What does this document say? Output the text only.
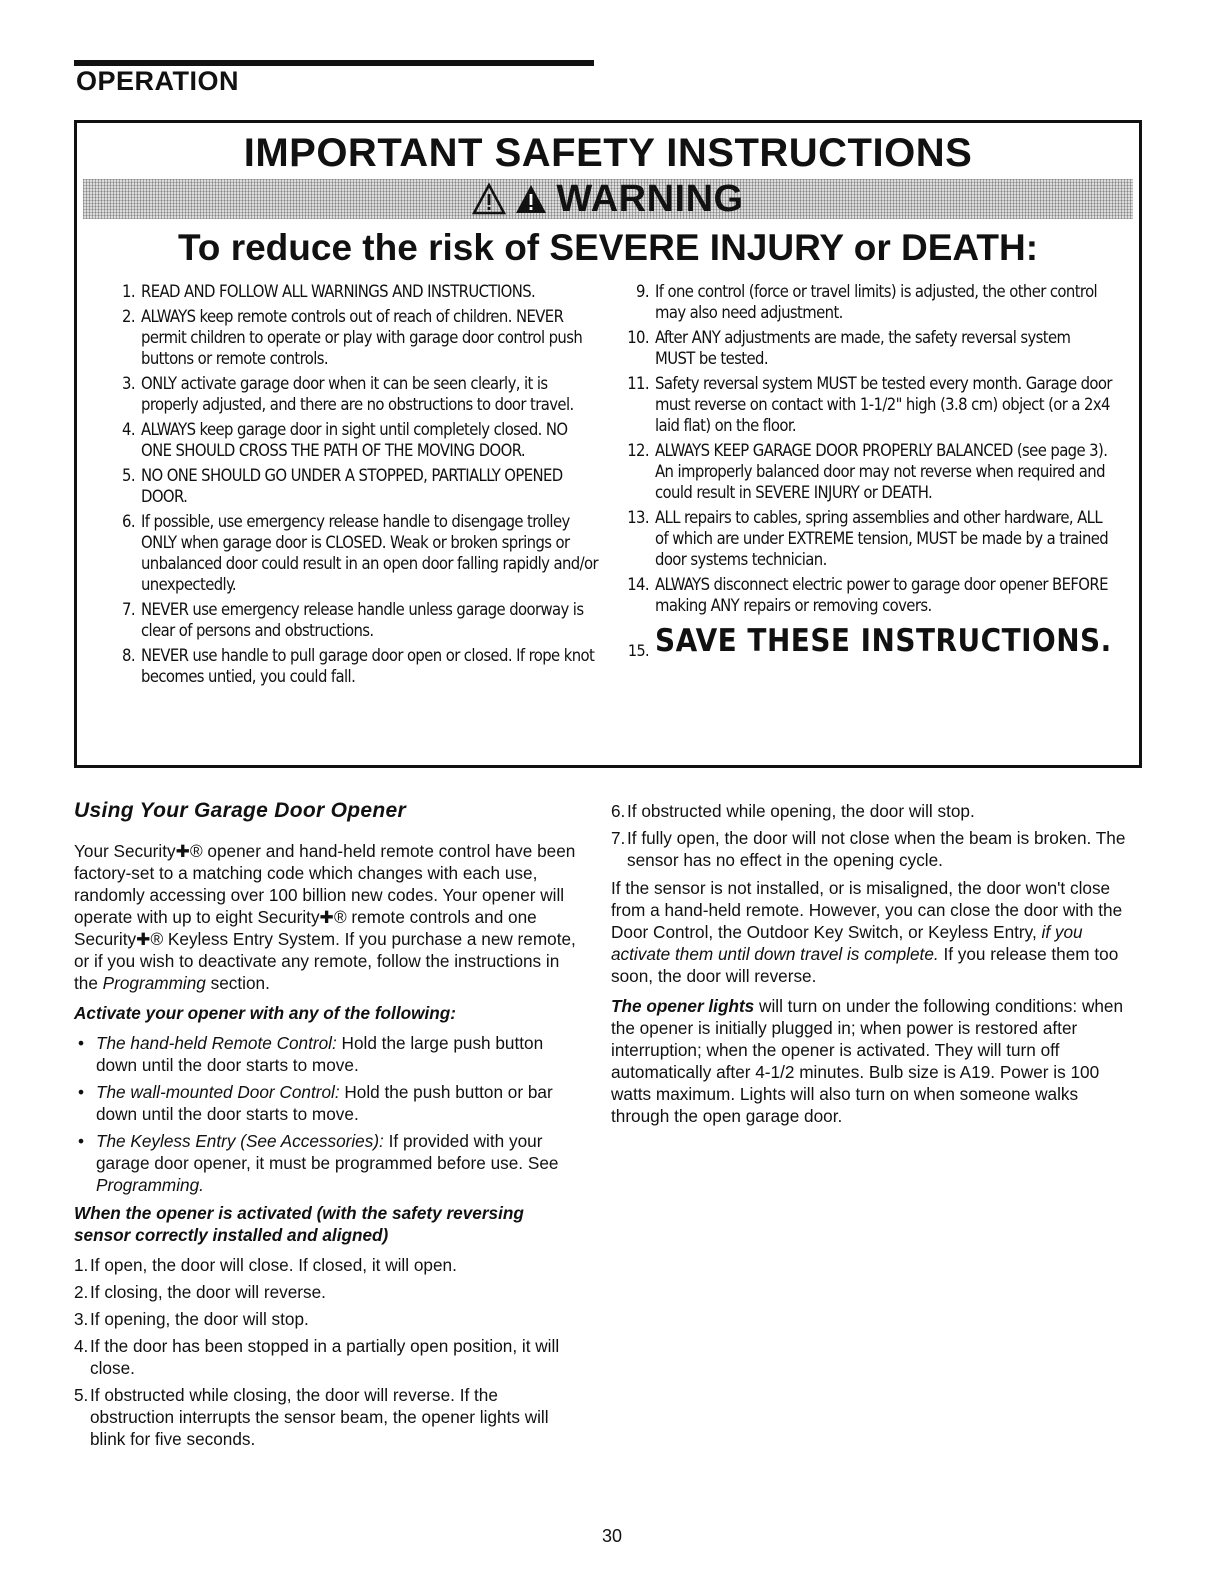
OPERATION
IMPORTANT SAFETY INSTRUCTIONS
WARNING
To reduce the risk of SEVERE INJURY or DEATH:
1. READ AND FOLLOW ALL WARNINGS AND INSTRUCTIONS.
2. ALWAYS keep remote controls out of reach of children. NEVER permit children to operate or play with garage door control push buttons or remote controls.
3. ONLY activate garage door when it can be seen clearly, it is properly adjusted, and there are no obstructions to door travel.
4. ALWAYS keep garage door in sight until completely closed. NO ONE SHOULD CROSS THE PATH OF THE MOVING DOOR.
5. NO ONE SHOULD GO UNDER A STOPPED, PARTIALLY OPENED DOOR.
6. If possible, use emergency release handle to disengage trolley ONLY when garage door is CLOSED. Weak or broken springs or unbalanced door could result in an open door falling rapidly and/or unexpectedly.
7. NEVER use emergency release handle unless garage doorway is clear of persons and obstructions.
8. NEVER use handle to pull garage door open or closed. If rope knot becomes untied, you could fall.
9. If one control (force or travel limits) is adjusted, the other control may also need adjustment.
10. After ANY adjustments are made, the safety reversal system MUST be tested.
11. Safety reversal system MUST be tested every month. Garage door must reverse on contact with 1-1/2" high (3.8 cm) object (or a 2x4 laid flat) on the floor.
12. ALWAYS KEEP GARAGE DOOR PROPERLY BALANCED (see page 3). An improperly balanced door may not reverse when required and could result in SEVERE INJURY or DEATH.
13. ALL repairs to cables, spring assemblies and other hardware, ALL of which are under EXTREME tension, MUST be made by a trained door systems technician.
14. ALWAYS disconnect electric power to garage door opener BEFORE making ANY repairs or removing covers.
15. SAVE THESE INSTRUCTIONS.
Using Your Garage Door Opener

Your Security✚® opener and hand-held remote control have been factory-set to a matching code which changes with each use, randomly accessing over 100 billion new codes. Your opener will operate with up to eight Security✚® remote controls and one Security✚® Keyless Entry System. If you purchase a new remote, or if you wish to deactivate any remote, follow the instructions in the Programming section.

Activate your opener with any of the following:

• The hand-held Remote Control: Hold the large push button down until the door starts to move.
• The wall-mounted Door Control: Hold the push button or bar down until the door starts to move.
• The Keyless Entry (See Accessories): If provided with your garage door opener, it must be programmed before use. See Programming.

When the opener is activated (with the safety reversing sensor correctly installed and aligned)

1. If open, the door will close. If closed, it will open.
2. If closing, the door will reverse.
3. If opening, the door will stop.
4. If the door has been stopped in a partially open position, it will close.
5. If obstructed while closing, the door will reverse. If the obstruction interrupts the sensor beam, the opener lights will blink for five seconds.
6. If obstructed while opening, the door will stop.
7. If fully open, the door will not close when the beam is broken. The sensor has no effect in the opening cycle.

If the sensor is not installed, or is misaligned, the door won't close from a hand-held remote. However, you can close the door with the Door Control, the Outdoor Key Switch, or Keyless Entry, if you activate them until down travel is complete. If you release them too soon, the door will reverse.

The opener lights will turn on under the following conditions: when the opener is initially plugged in; when power is restored after interruption; when the opener is activated. They will turn off automatically after 4-1/2 minutes. Bulb size is A19. Power is 100 watts maximum. Lights will also turn on when someone walks through the open garage door.

30
